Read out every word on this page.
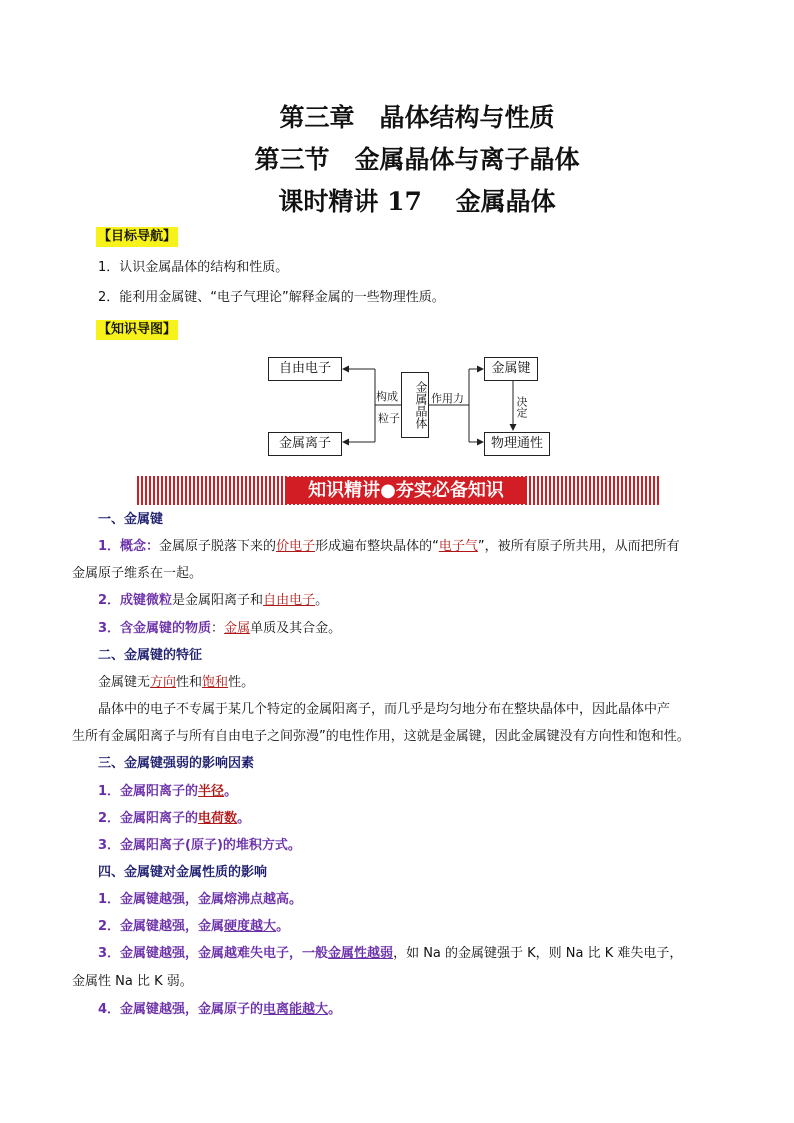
第三章　晶体结构与性质
第三节　金属晶体与离子晶体
课时精讲 17　 金属晶体
【目标导航】
1．认识金属晶体的结构和性质。
2．能利用金属键、“电子气理论”解释金属的一些物理性质。
【知识导图】
自由电子
金属离子
金属晶体
构成
粒子
作用力
金属键
决定
物理通性
知识精讲●夯实必备知识
一、金属键
1．概念：金属原子脱落下来的价电子形成遍布整块晶体的“电子气”，被所有原子所共用，从而把所有
金属原子维系在一起。
2．成键微粒是金属阳离子和自由电子。
3．含金属键的物质：金属单质及其合金。
二、金属键的特征
金属键无方向性和饱和性。
晶体中的电子不专属于某几个特定的金属阳离子，而几乎是均匀地分布在整块晶体中，因此晶体中产
生所有金属阳离子与所有自由电子之间弥漫”的电性作用，这就是金属键，因此金属键没有方向性和饱和性。
三、金属键强弱的影响因素
1．金属阳离子的半径。
2．金属阳离子的电荷数。
3．金属阳离子(原子)的堆积方式。
四、金属键对金属性质的影响
1．金属键越强，金属熔沸点越高。
2．金属键越强，金属硬度越大。
3．金属键越强，金属越难失电子，一般金属性越弱，如 Na 的金属键强于 K，则 Na 比 K 难失电子，
金属性 Na 比 K 弱。
4．金属键越强，金属原子的电离能越大。
